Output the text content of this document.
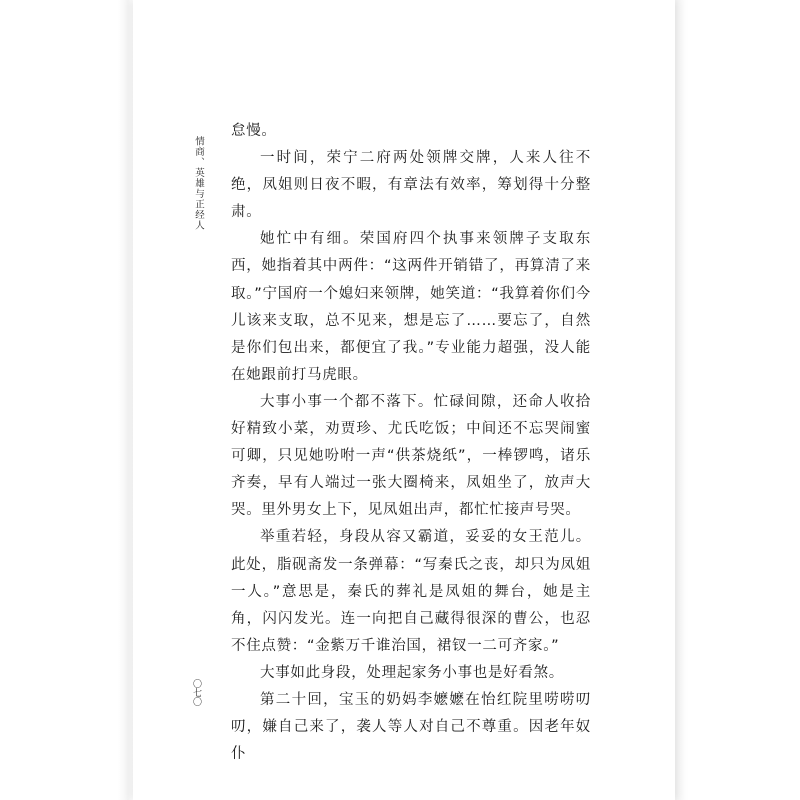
情商、英雄与正经人
〇七〇

怠慢。

一时间，荣宁二府两处领牌交牌，人来人往不绝，凤姐则日夜不暇，有章法有效率，筹划得十分整肃。

她忙中有细。荣国府四个执事来领牌子支取东西，她指着其中两件：“这两件开销错了，再算清了来取。”宁国府一个媳妇来领牌，她笑道：“我算着你们今儿该来支取，总不见来，想是忘了……要忘了，自然是你们包出来，都便宜了我。”专业能力超强，没人能在她跟前打马虎眼。

大事小事一个都不落下。忙碌间隙，还命人收拾好精致小菜，劝贾珍、尤氏吃饭；中间还不忘哭闹蜜可卿，只见她吩咐一声“供茶烧纸”，一棒锣鸣，诸乐齐奏，早有人端过一张大圈椅来，凤姐坐了，放声大哭。里外男女上下，见凤姐出声，都忙忙接声号哭。

举重若轻，身段从容又霸道，妥妥的女王范儿。此处，脂砚斋发一条弹幕：“写秦氏之丧，却只为凤姐一人。”意思是，秦氏的葬礼是凤姐的舞台，她是主角，闪闪发光。连一向把自己藏得很深的曹公，也忍不住点赞：“金紫万千谁治国，裙钗一二可齐家。”

大事如此身段，处理起家务小事也是好看煞。

第二十回，宝玉的奶妈李嬷嬷在怡红院里唠唠叨叨，嫌自己来了，袭人等人对自己不尊重。因老年奴仆
